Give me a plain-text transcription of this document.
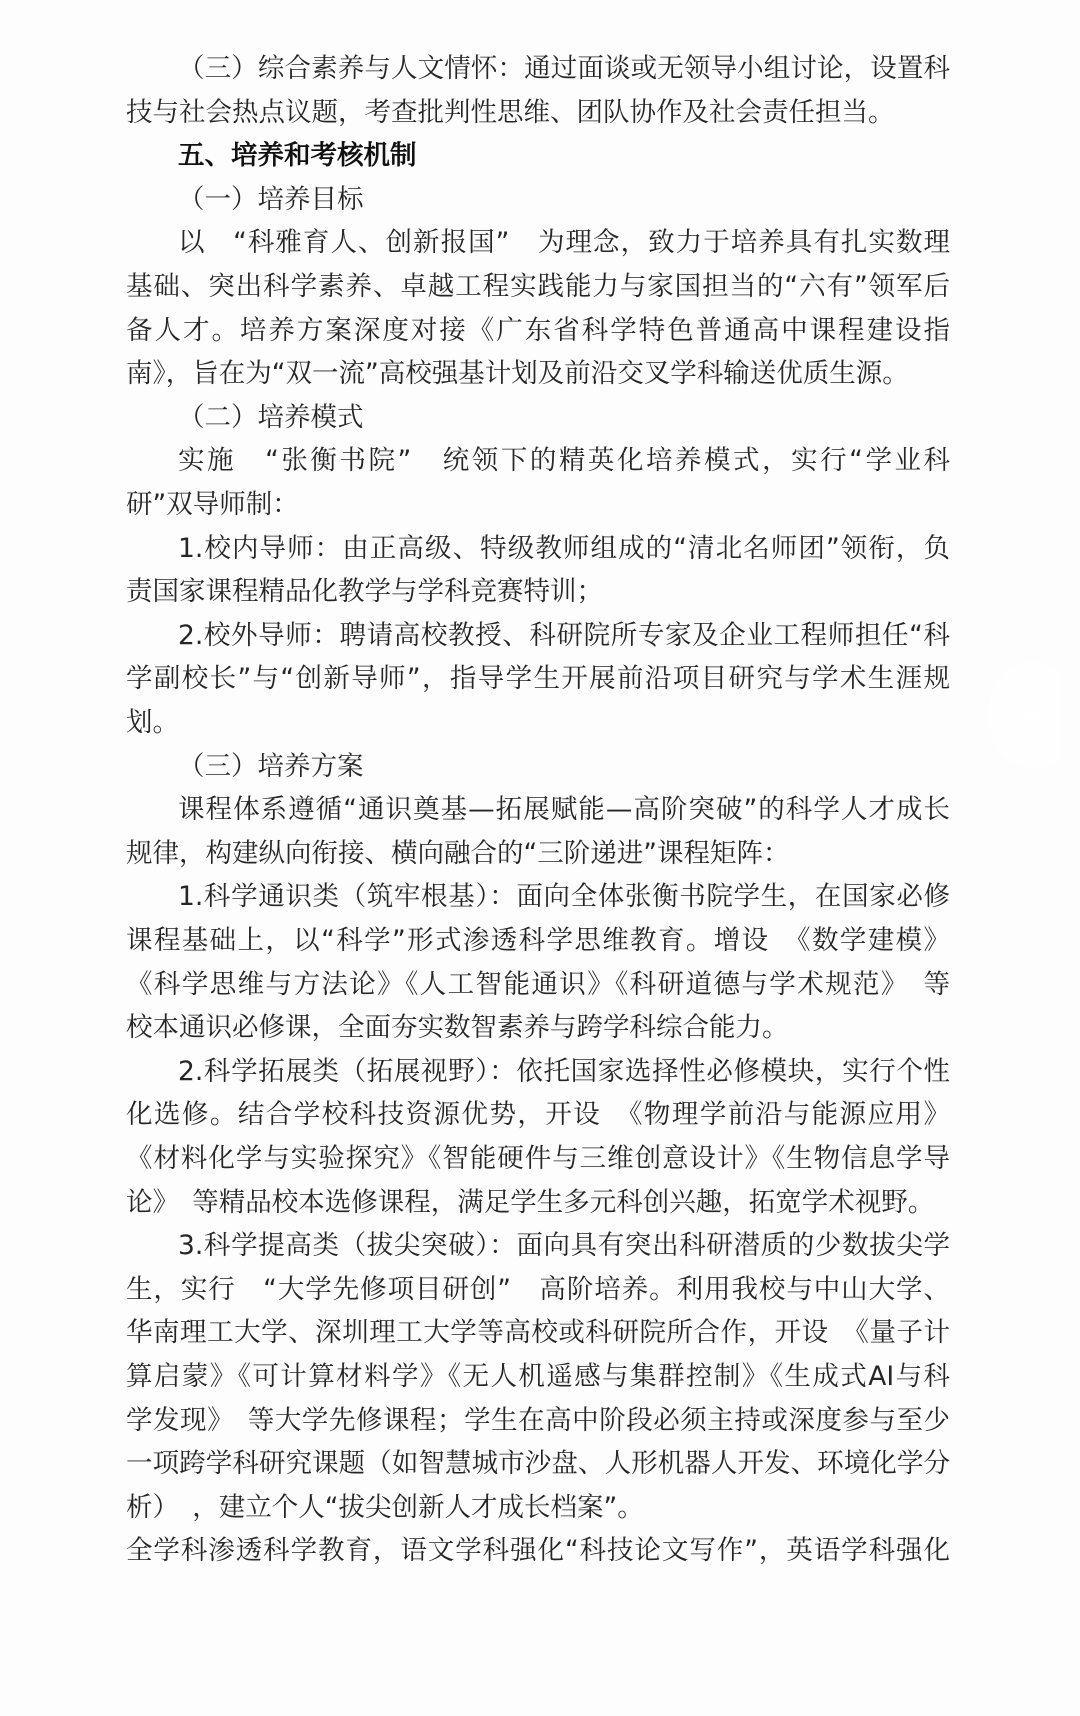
（三）综合素养与人文情怀：通过面谈或无领导小组讨论，设置科
技与社会热点议题，考查批判性思维、团队协作及社会责任担当。
五、培养和考核机制
（一）培养目标
以　“科雅育人、创新报国”　为理念，致力于培养具有扎实数理
基础、突出科学素养、卓越工程实践能力与家国担当的“六有”领军后
备人才。培养方案深度对接《广东省科学特色普通高中课程建设指
南》，旨在为“双一流”高校强基计划及前沿交叉学科输送优质生源。
（二）培养模式
实施　“张衡书院”　统领下的精英化培养模式，实行“学业科
研”双导师制：
1.校内导师：由正高级、特级教师组成的“清北名师团”领衔，负
责国家课程精品化教学与学科竞赛特训；
2.校外导师：聘请高校教授、科研院所专家及企业工程师担任“科
学副校长”与“创新导师”，指导学生开展前沿项目研究与学术生涯规
划。
（三）培养方案
课程体系遵循“通识奠基—拓展赋能—高阶突破”的科学人才成长
规律，构建纵向衔接、横向融合的“三阶递进”课程矩阵：
1.科学通识类（筑牢根基）：面向全体张衡书院学生，在国家必修
课程基础上，以“科学”形式渗透科学思维教育。增设　《数学建模》
《科学思维与方法论》《人工智能通识》《科研道德与学术规范》　等
校本通识必修课，全面夯实数智素养与跨学科综合能力。
2.科学拓展类（拓展视野）：依托国家选择性必修模块，实行个性
化选修。结合学校科技资源优势，开设　《物理学前沿与能源应用》
《材料化学与实验探究》《智能硬件与三维创意设计》《生物信息学导
论》　等精品校本选修课程，满足学生多元科创兴趣，拓宽学术视野。
3.科学提高类（拔尖突破）：面向具有突出科研潜质的少数拔尖学
生，实行　“大学先修项目研创”　高阶培养。利用我校与中山大学、
华南理工大学、深圳理工大学等高校或科研院所合作，开设　《量子计
算启蒙》《可计算材料学》《无人机遥感与集群控制》《生成式AI与科
学发现》　等大学先修课程；学生在高中阶段必须主持或深度参与至少
一项跨学科研究课题（如智慧城市沙盘、人形机器人开发、环境化学分
析）　，建立个人“拔尖创新人才成长档案”。
全学科渗透科学教育，语文学科强化“科技论文写作”，英语学科强化
